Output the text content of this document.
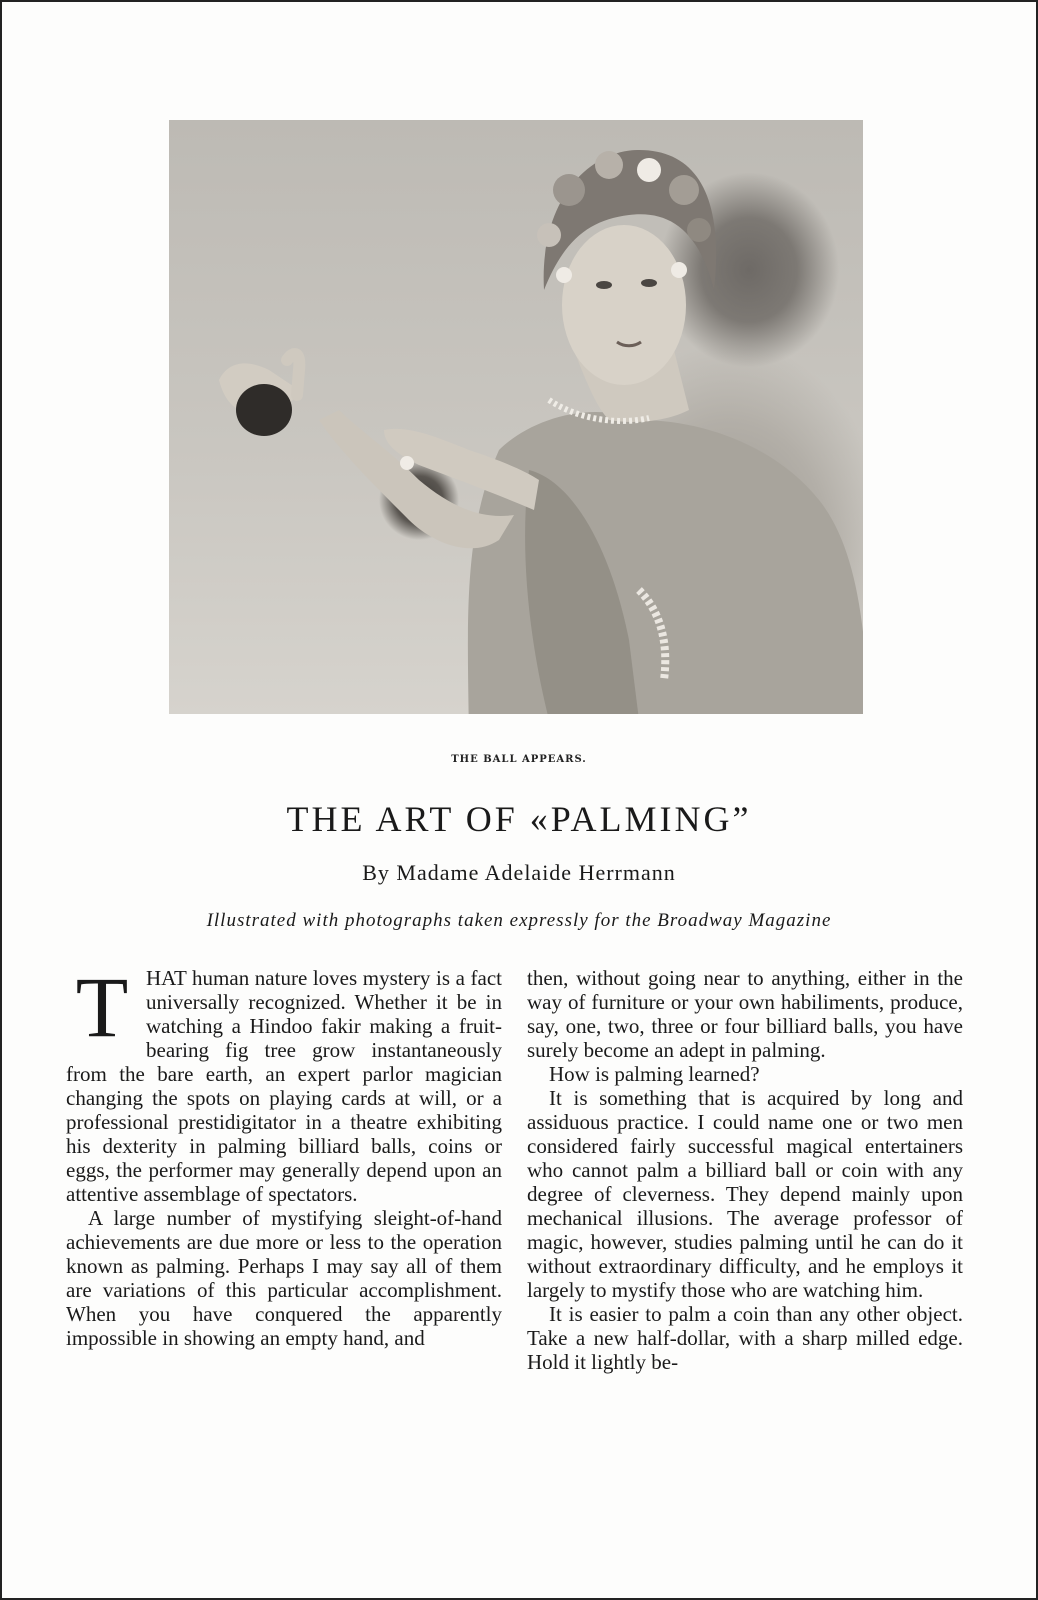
THE BALL APPEARS.
THE ART OF «PALMING”
By Madame Adelaide Herrmann
Illustrated with photographs taken expressly for the Broadway Magazine

THAT human nature loves mystery is a fact universally recognized. Whether it be in watching a Hindoo fakir making a fruit-bearing fig tree grow instantaneously from the bare earth, an expert parlor magician changing the spots on playing cards at will, or a professional prestidigitator in a theatre exhibiting his dexterity in palming billiard balls, coins or eggs, the performer may generally depend upon an attentive assemblage of spectators.

A large number of mystifying sleight-of-hand achievements are due more or less to the operation known as palming. Perhaps I may say all of them are variations of this particular accomplishment. When you have conquered the apparently impossible in showing an empty hand, and

then, without going near to anything, either in the way of furniture or your own habiliments, produce, say, one, two, three or four billiard balls, you have surely become an adept in palming.

How is palming learned?

It is something that is acquired by long and assiduous practice. I could name one or two men considered fairly successful magical entertainers who cannot palm a billiard ball or coin with any degree of cleverness. They depend mainly upon mechanical illusions. The average professor of magic, however, studies palming until he can do it without extraordinary difficulty, and he employs it largely to mystify those who are watching him.

It is easier to palm a coin than any other object. Take a new half-dollar, with a sharp milled edge. Hold it lightly be-
